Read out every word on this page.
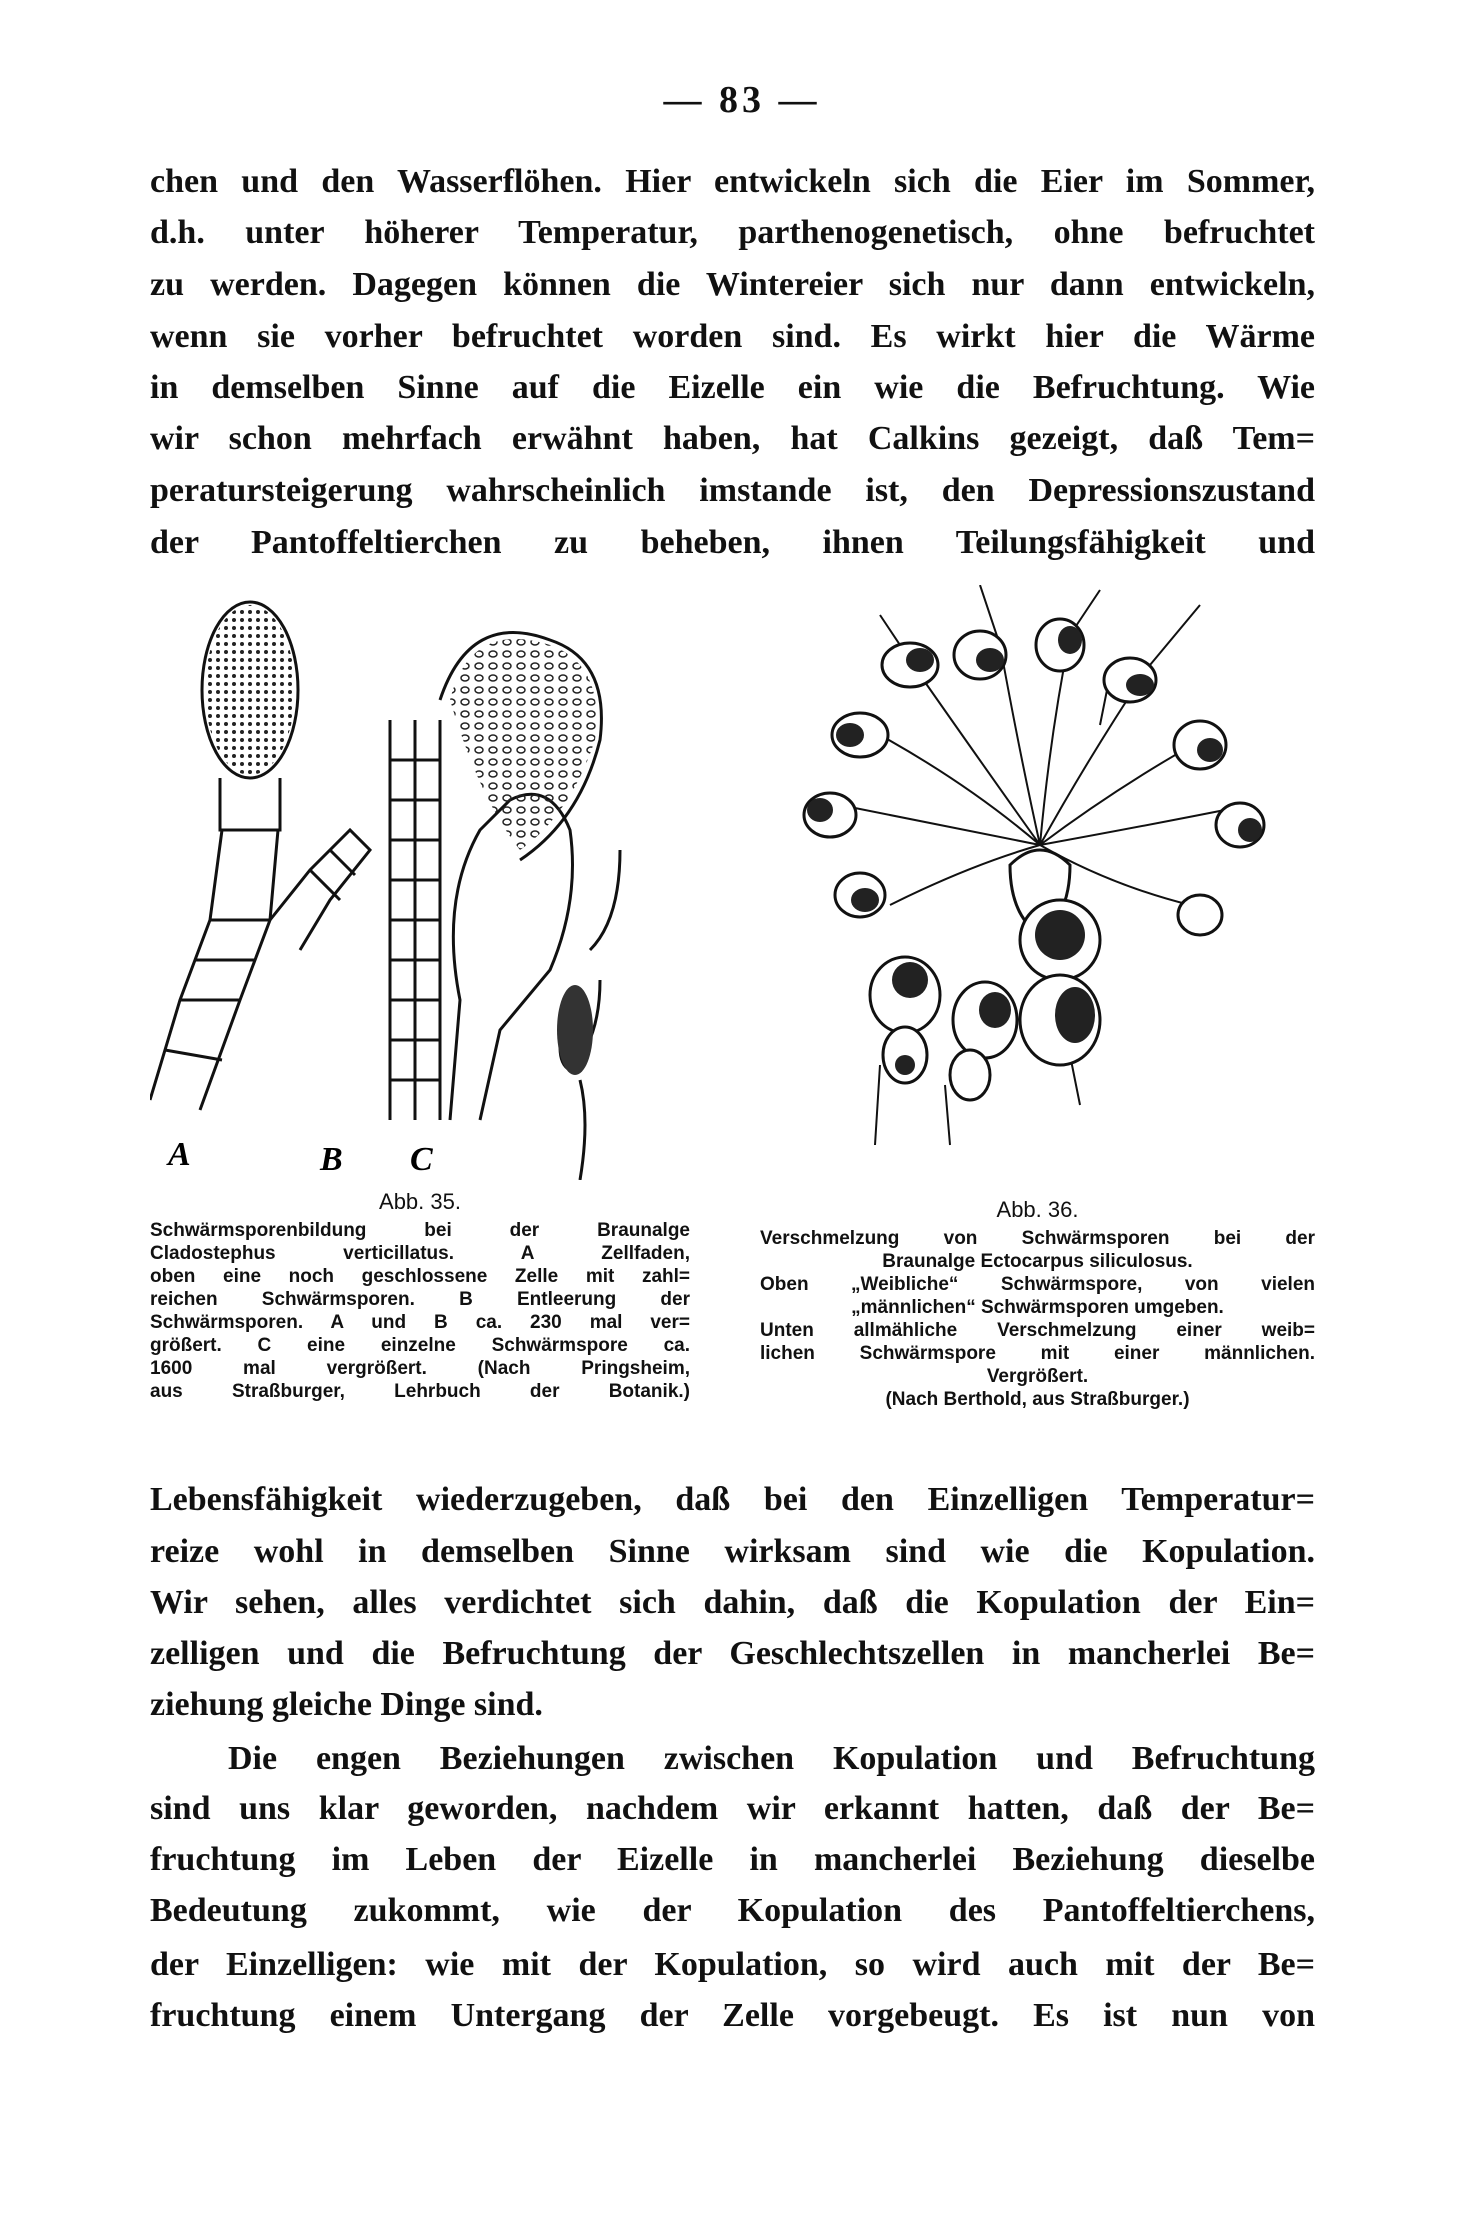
— 83 —
chen und den Wasserflöhen. Hier entwickeln sich die Eier im Sommer,
d.h. unter höherer Temperatur, parthenogenetisch, ohne befruchtet
zu werden. Dagegen können die Wintereier sich nur dann entwickeln,
wenn sie vorher befruchtet worden sind. Es wirkt hier die Wärme
in demselben Sinne auf die Eizelle ein wie die Befruchtung. Wie
wir schon mehrfach erwähnt haben, hat Calkins gezeigt, daß Tem=
peratursteigerung wahrscheinlich imstande ist, den Depressionszustand
der Pantoffeltierchen zu beheben, ihnen Teilungsfähigkeit und
A	B C
Abb. 35.
Schwärmsporenbildung bei der Braunalge
Cladostephus verticillatus. A Zellfaden,
oben eine noch geschlossene Zelle mit zahl=
reichen Schwärmsporen. B Entleerung der
Schwärmsporen. A und B ca. 230 mal ver=
größert. C eine einzelne Schwärmspore ca.
1600 mal vergrößert. (Nach Pringsheim,
aus Straßburger, Lehrbuch der Botanik.)
Abb. 36.
Verschmelzung von Schwärmsporen bei der
Braunalge Ectocarpus siliculosus.
Oben „Weibliche“ Schwärmspore, von vielen
„männlichen“ Schwärmsporen umgeben.
Unten allmähliche Verschmelzung einer weib=
lichen Schwärmspore mit einer männlichen.
Vergrößert.
(Nach Berthold, aus Straßburger.)
Lebensfähigkeit wiederzugeben, daß bei den Einzelligen Temperatur=
reize wohl in demselben Sinne wirksam sind wie die Kopulation.
Wir sehen, alles verdichtet sich dahin, daß die Kopulation der Ein=
zelligen und die Befruchtung der Geschlechtszellen in mancherlei Be=
ziehung gleiche Dinge sind.
Die engen Beziehungen zwischen Kopulation und Befruchtung
sind uns klar geworden, nachdem wir erkannt hatten, daß der Be=
fruchtung im Leben der Eizelle in mancherlei Beziehung dieselbe
Bedeutung zukommt, wie der Kopulation des Pantoffeltierchens,
der Einzelligen: wie mit der Kopulation, so wird auch mit der Be=
fruchtung einem Untergang der Zelle vorgebeugt. Es ist nun von
